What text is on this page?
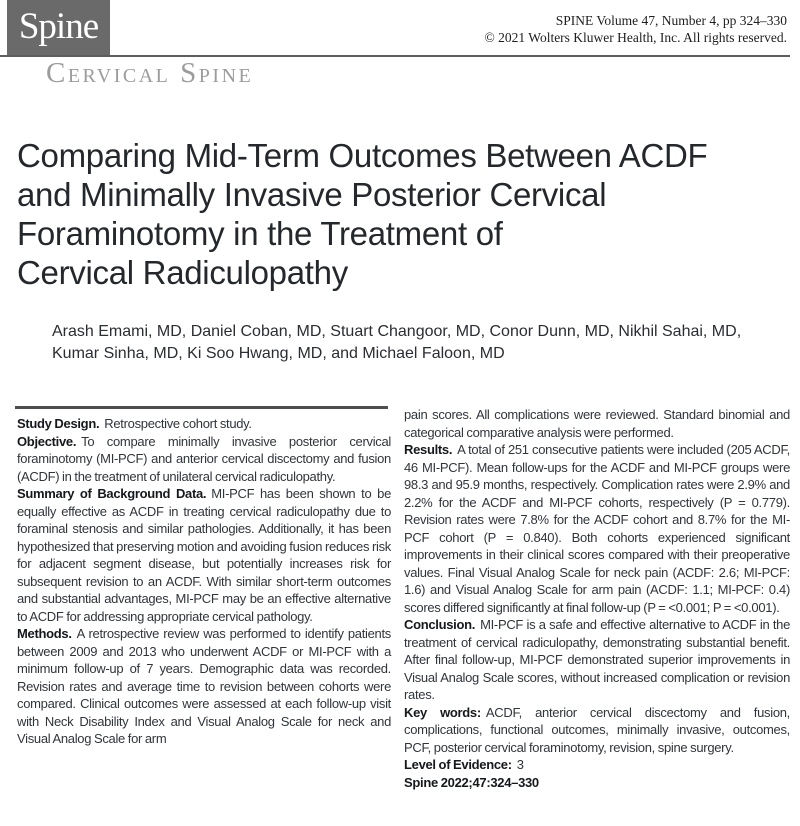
Spine	SPINE Volume 47, Number 4, pp 324–330
© 2021 Wolters Kluwer Health, Inc. All rights reserved.
Cervical Spine
Comparing Mid-Term Outcomes Between ACDF
and Minimally Invasive Posterior Cervical
Foraminotomy in the Treatment of
Cervical Radiculopathy
Arash Emami, MD, Daniel Coban, MD, Stuart Changoor, MD, Conor Dunn, MD, Nikhil Sahai, MD,
Kumar Sinha, MD, Ki Soo Hwang, MD, and Michael Faloon, MD

Study Design. Retrospective cohort study.

Objective. To compare minimally invasive posterior cervical foraminotomy (MI-PCF) and anterior cervical discectomy and fusion (ACDF) in the treatment of unilateral cervical radiculopathy.

Summary of Background Data. MI-PCF has been shown to be equally effective as ACDF in treating cervical radiculopathy due to foraminal stenosis and similar pathologies. Additionally, it has been hypothesized that preserving motion and avoiding fusion reduces risk for adjacent segment disease, but potentially increases risk for subsequent revision to an ACDF. With similar short-term outcomes and substantial advantages, MI-PCF may be an effective alternative to ACDF for addressing appropriate cervical pathology.

Methods. A retrospective review was performed to identify patients between 2009 and 2013 who underwent ACDF or MI-PCF with a minimum follow-up of 7 years. Demographic data was recorded. Revision rates and average time to revision between cohorts were compared. Clinical outcomes were assessed at each follow-up visit with Neck Disability Index and Visual Analog Scale for neck and Visual Analog Scale for arm

pain scores. All complications were reviewed. Standard binomial and categorical comparative analysis were performed.

Results. A total of 251 consecutive patients were included (205 ACDF, 46 MI-PCF). Mean follow-ups for the ACDF and MI-PCF groups were 98.3 and 95.9 months, respectively. Complication rates were 2.9% and 2.2% for the ACDF and MI-PCF cohorts, respectively (P = 0.779). Revision rates were 7.8% for the ACDF cohort and 8.7% for the MI-PCF cohort (P = 0.840). Both cohorts experienced significant improvements in their clinical scores compared with their preoperative values. Final Visual Analog Scale for neck pain (ACDF: 2.6; MI-PCF: 1.6) and Visual Analog Scale for arm pain (ACDF: 1.1; MI-PCF: 0.4) scores differed significantly at final follow-up (P = <0.001; P = <0.001).

Conclusion. MI-PCF is a safe and effective alternative to ACDF in the treatment of cervical radiculopathy, demonstrating substantial benefit. After final follow-up, MI-PCF demonstrated superior improvements in Visual Analog Scale scores, without increased complication or revision rates.

Key words: ACDF, anterior cervical discectomy and fusion, complications, functional outcomes, minimally invasive, outcomes, PCF, posterior cervical foraminotomy, revision, spine surgery.

Level of Evidence: 3

Spine 2022;47:324–330
